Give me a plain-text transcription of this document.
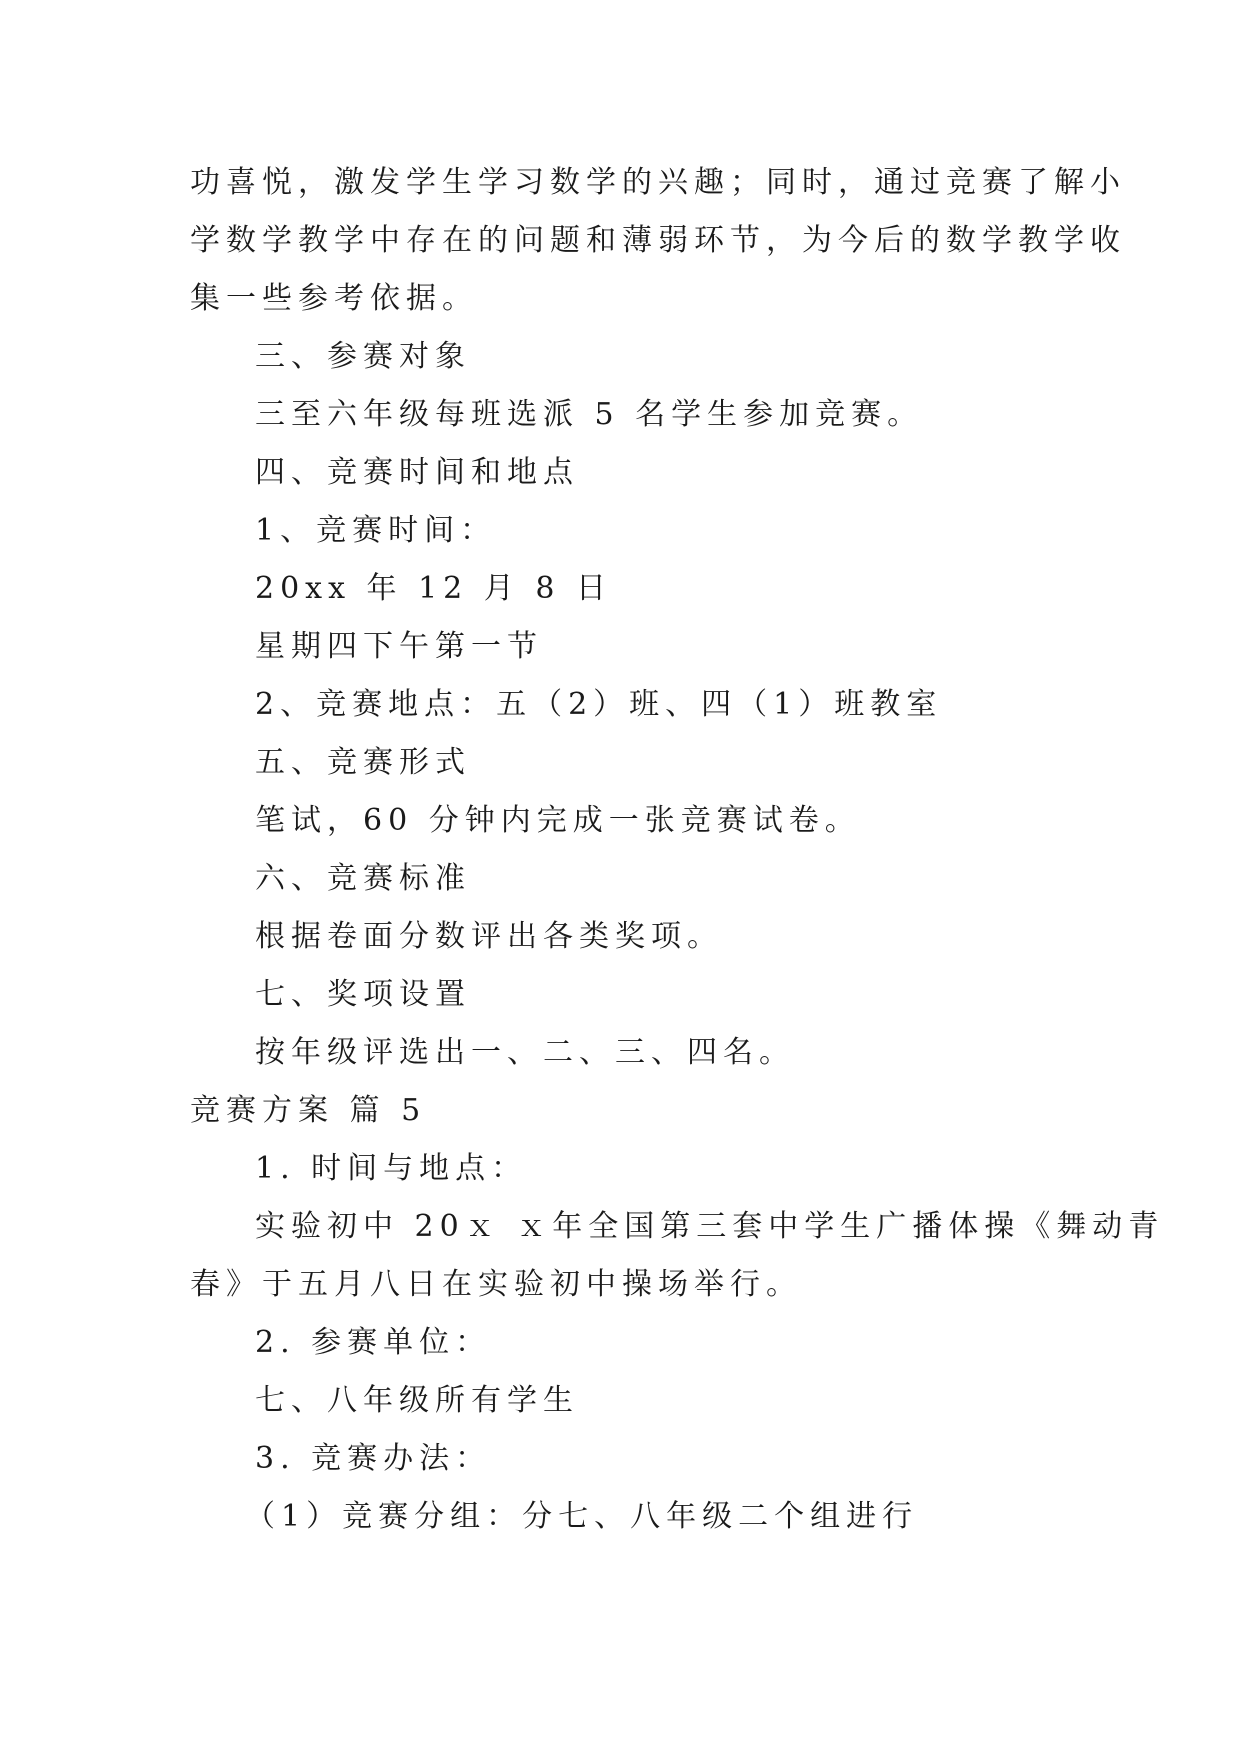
功喜悦，激发学生学习数学的兴趣；同时，通过竞赛了解小

学数学教学中存在的问题和薄弱环节，为今后的数学教学收

集一些参考依据。

三、参赛对象

三至六年级每班选派 5 名学生参加竞赛。

四、竞赛时间和地点

1、竞赛时间：

20xx 年 12 月 8 日

星期四下午第一节

2、竞赛地点：五（2）班、四（1）班教室

五、竞赛形式

笔试，60 分钟内完成一张竞赛试卷。

六、竞赛标准

根据卷面分数评出各类奖项。

七、奖项设置

按年级评选出一、二、三、四名。

竞赛方案 篇 5

1. 时间与地点：

实验初中 20ｘ ｘ年全国第三套中学生广播体操《舞动青

春》于五月八日在实验初中操场举行。

2. 参赛单位：

七、八年级所有学生

3. 竞赛办法：

（1）竞赛分组：分七、八年级二个组进行
